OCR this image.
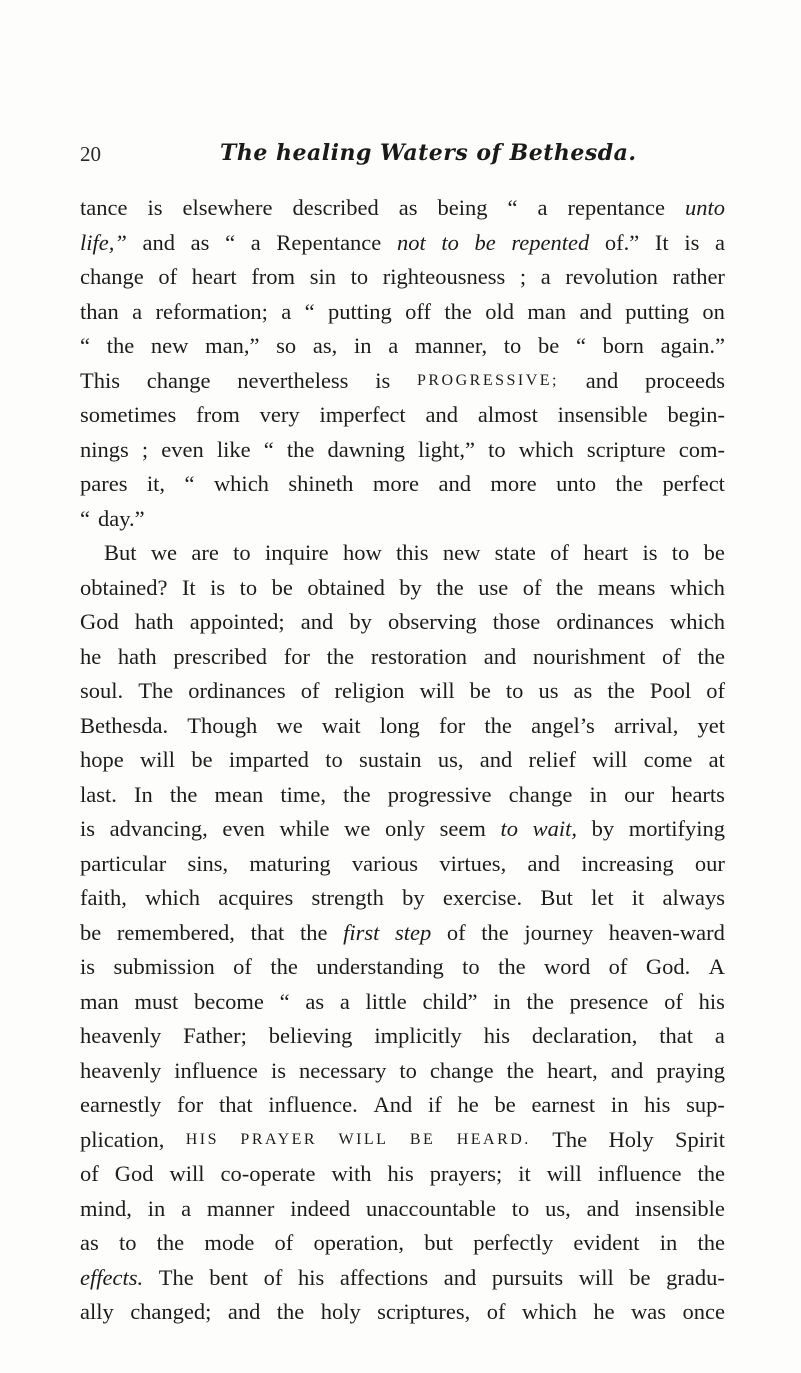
20	The healing Waters of Bethesda.
tance is elsewhere described as being “ a repentance unto
life,” and as “ a Repentance not to be repented of.” It is a
change of heart from sin to righteousness ; a revolution rather
than a reformation; a “ putting off the old man and putting on
“ the new man,” so as, in a manner, to be “ born again.”
This change nevertheless is PROGRESSIVE; and proceeds
sometimes from very imperfect and almost insensible begin-
nings ; even like “ the dawning light,” to which scripture com-
pares it, “ which shineth more and more unto the perfect
“ day.”
But we are to inquire how this new state of heart is to be
obtained? It is to be obtained by the use of the means which
God hath appointed; and by observing those ordinances which
he hath prescribed for the restoration and nourishment of the
soul. The ordinances of religion will be to us as the Pool of
Bethesda. Though we wait long for the angel’s arrival, yet
hope will be imparted to sustain us, and relief will come at
last. In the mean time, the progressive change in our hearts
is advancing, even while we only seem to wait, by mortifying
particular sins, maturing various virtues, and increasing our
faith, which acquires strength by exercise. But let it always
be remembered, that the first step of the journey heaven-ward
is submission of the understanding to the word of God. A
man must become “ as a little child” in the presence of his
heavenly Father; believing implicitly his declaration, that a
heavenly influence is necessary to change the heart, and praying
earnestly for that influence. And if he be earnest in his sup-
plication, HIS PRAYER WILL BE HEARD. The Holy Spirit
of God will co-operate with his prayers; it will influence the
mind, in a manner indeed unaccountable to us, and insensible
as to the mode of operation, but perfectly evident in the
effects. The bent of his affections and pursuits will be gradu-
ally changed; and the holy scriptures, of which he was once
